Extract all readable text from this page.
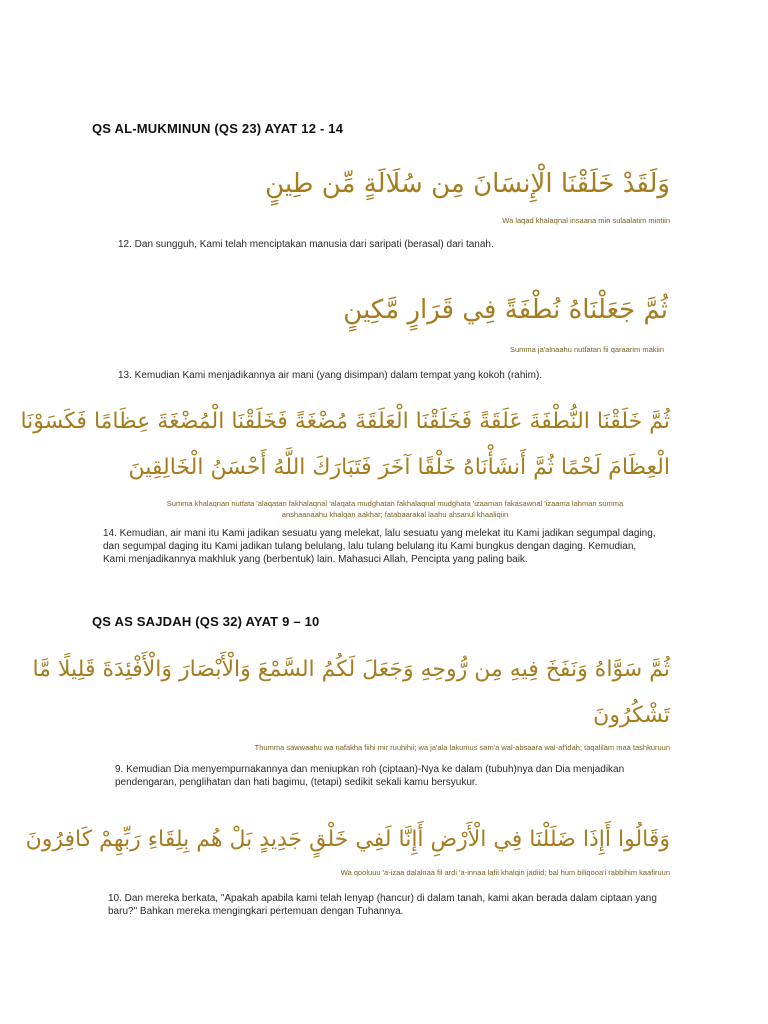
QS AL-MUKMINUN (QS 23) AYAT 12 - 14
وَلَقَدْ خَلَقْنَا الْإِنسَانَ مِن سُلَالَةٍ مِّن طِينٍ
Wa laqad khalaqnal insaana min sulaalatim mintiin
12. Dan sungguh, Kami telah menciptakan manusia dari saripati (berasal) dari tanah.
ثُمَّ جَعَلْنَاهُ نُطْفَةً فِي قَرَارٍ مَّكِينٍ
Summa ja'alnaahu nutfatan fii qaraarim makiin
13. Kemudian Kami menjadikannya air mani (yang disimpan) dalam tempat yang kokoh (rahim).
ثُمَّ خَلَقْنَا النُّطْفَةَ عَلَقَةً فَخَلَقْنَا الْعَلَقَةَ مُضْغَةً فَخَلَقْنَا الْمُضْغَةَ عِظَامًا فَكَسَوْنَا
الْعِظَامَ لَحْمًا ثُمَّ أَنشَأْنَاهُ خَلْقًا آخَرَ فَتَبَارَكَ اللَّهُ أَحْسَنُ الْخَالِقِينَ
Summa khalaqnan nutfata 'alaqatan fakhalaqnal 'alaqata mudghatan fakhalaqnal mudghata 'izaaman fakasawnal 'izaama lahman summa
anshaanaahu khalqan aakhar; fatabaarakal laahu ahsanul khaaliqiin
14. Kemudian, air mani itu Kami jadikan sesuatu yang melekat, lalu sesuatu yang melekat itu Kami jadikan segumpal daging, dan segumpal daging itu Kami jadikan tulang belulang, lalu tulang belulang itu Kami bungkus dengan daging. Kemudian, Kami menjadikannya makhluk yang (berbentuk) lain. Mahasuci Allah, Pencipta yang paling baik.
QS AS SAJDAH (QS 32) AYAT 9 – 10
ثُمَّ سَوَّاهُ وَنَفَخَ فِيهِ مِن رُّوحِهِ وَجَعَلَ لَكُمُ السَّمْعَ وَالْأَبْصَارَ وَالْأَفْئِدَةَ قَلِيلًا مَّا
تَشْكُرُونَ
Thumma sawwaahu wa nafakha fiihi mir ruuhihii; wa ja'ala lakumus sam'a wal-absaara wal-af'idah; taqalilam maa tashkuruun
9. Kemudian Dia menyempurnakannya dan meniupkan roh (ciptaan)-Nya ke dalam (tubuh)nya dan Dia menjadikan pendengaran, penglihatan dan hati bagimu, (tetapi) sedikit sekali kamu bersyukur.
وَقَالُوا أَإِذَا ضَلَلْنَا فِي الْأَرْضِ أَإِنَّا لَفِي خَلْقٍ جَدِيدٍ بَلْ هُم بِلِقَاءِ رَبِّهِمْ كَافِرُونَ
Wa qooluuu 'a-izaa dalalnaa fil ardi 'a-innaa lafii khalqin jadiid; bal hum biliqooa'i rabbihim kaafiruun
10. Dan mereka berkata, "Apakah apabila kami telah lenyap (hancur) di dalam tanah, kami akan berada dalam ciptaan yang baru?" Bahkan mereka mengingkari pertemuan dengan Tuhannya.
